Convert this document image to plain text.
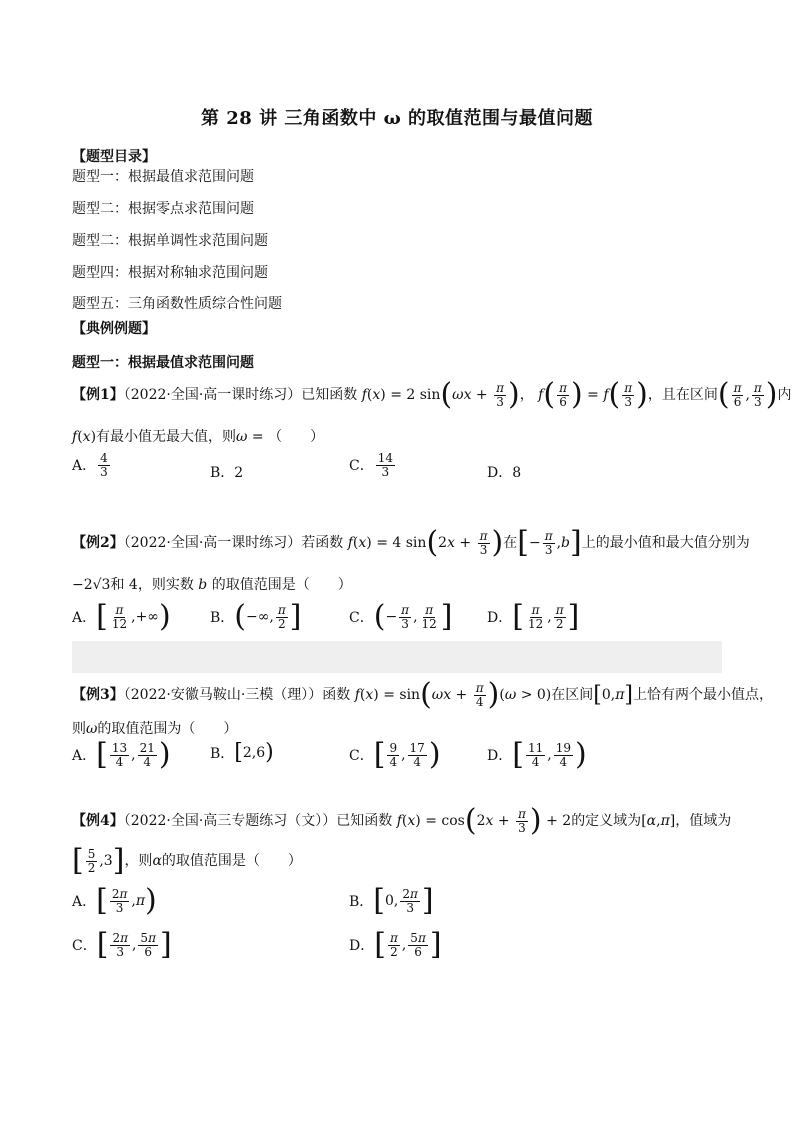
第 28 讲 三角函数中 ω 的取值范围与最值问题
【题型目录】
题型一：根据最值求范围问题
题型二：根据零点求范围问题
题型二：根据单调性求范围问题
题型四：根据对称轴求范围问题
题型五：三角函数性质综合性问题
【典例例题】
题型一：根据最值求范围问题
【例1】（2022·全国·高一课时练习）已知函数 f(x) = 2 $\sin(\omega x + \frac{\pi}{3}$ )， $f( \frac{\pi}{6}$ ) = $f( \frac{\pi}{3}$ )，且在区间( $\frac{\pi}{6}$ , $\frac{\pi}{3}$ )内
f(x)有最小值无最大值，则ω = （　　）
A． $\frac{4}{3}$	B．2	C． $\frac{14}{3}$	D．8
【例2】（2022·全国·高一课时练习）若函数 f(x) = 4 $\sin(2x + \frac{\pi}{3}$ )在[− $\frac{\pi}{3} ,b$]上的最小值和最大值分别为
−2√3和 4，则实数 b 的取值范围是（　　）
A． [ $\frac{\pi}{12}$ ,+∞ )	B． ( −∞, $\frac{\pi}{2}$ ]	C． ( − $\frac{\pi}{3}$ , $\frac{\pi}{12}$ ] D． [ $\frac{\pi}{12}$ , $\frac{\pi}{2}$ ]
【例3】（2022·安徽马鞍山·三模（理））函数 $f(x) = \sin(\omega x + \frac{\pi}{4} )(\omega > 0)$在区间[0,π]上恰有两个最小值点，
则ω的取值范围为（　　）
A． [ $\frac{13}{4}$ , $\frac{21}{4}$ )	B． [ 2,6 )	C． [ $\frac{9}{4}$ , $\frac{17}{4}$ )	D． [ $\frac{11}{4}$ , $\frac{19}{4}$ )
【例4】（2022·全国·高三专题练习（文））已知函数 $f(x) = \cos(2x + \frac{\pi}{3}$ ) + 2的定义域为[α,π]，值域为
[ $\frac{5}{2} ,3$]，则α的取值范围是（　　）
A． [ $\frac{2\pi}{3}$ , π )	B． [ 0, $\frac{2\pi}{3}$ ]
C． [ $\frac{2\pi}{3}$ , $\frac{5\pi}{6}$ ]	D． [ $\frac{\pi}{2}$ , $\frac{5\pi}{6}$ ]
